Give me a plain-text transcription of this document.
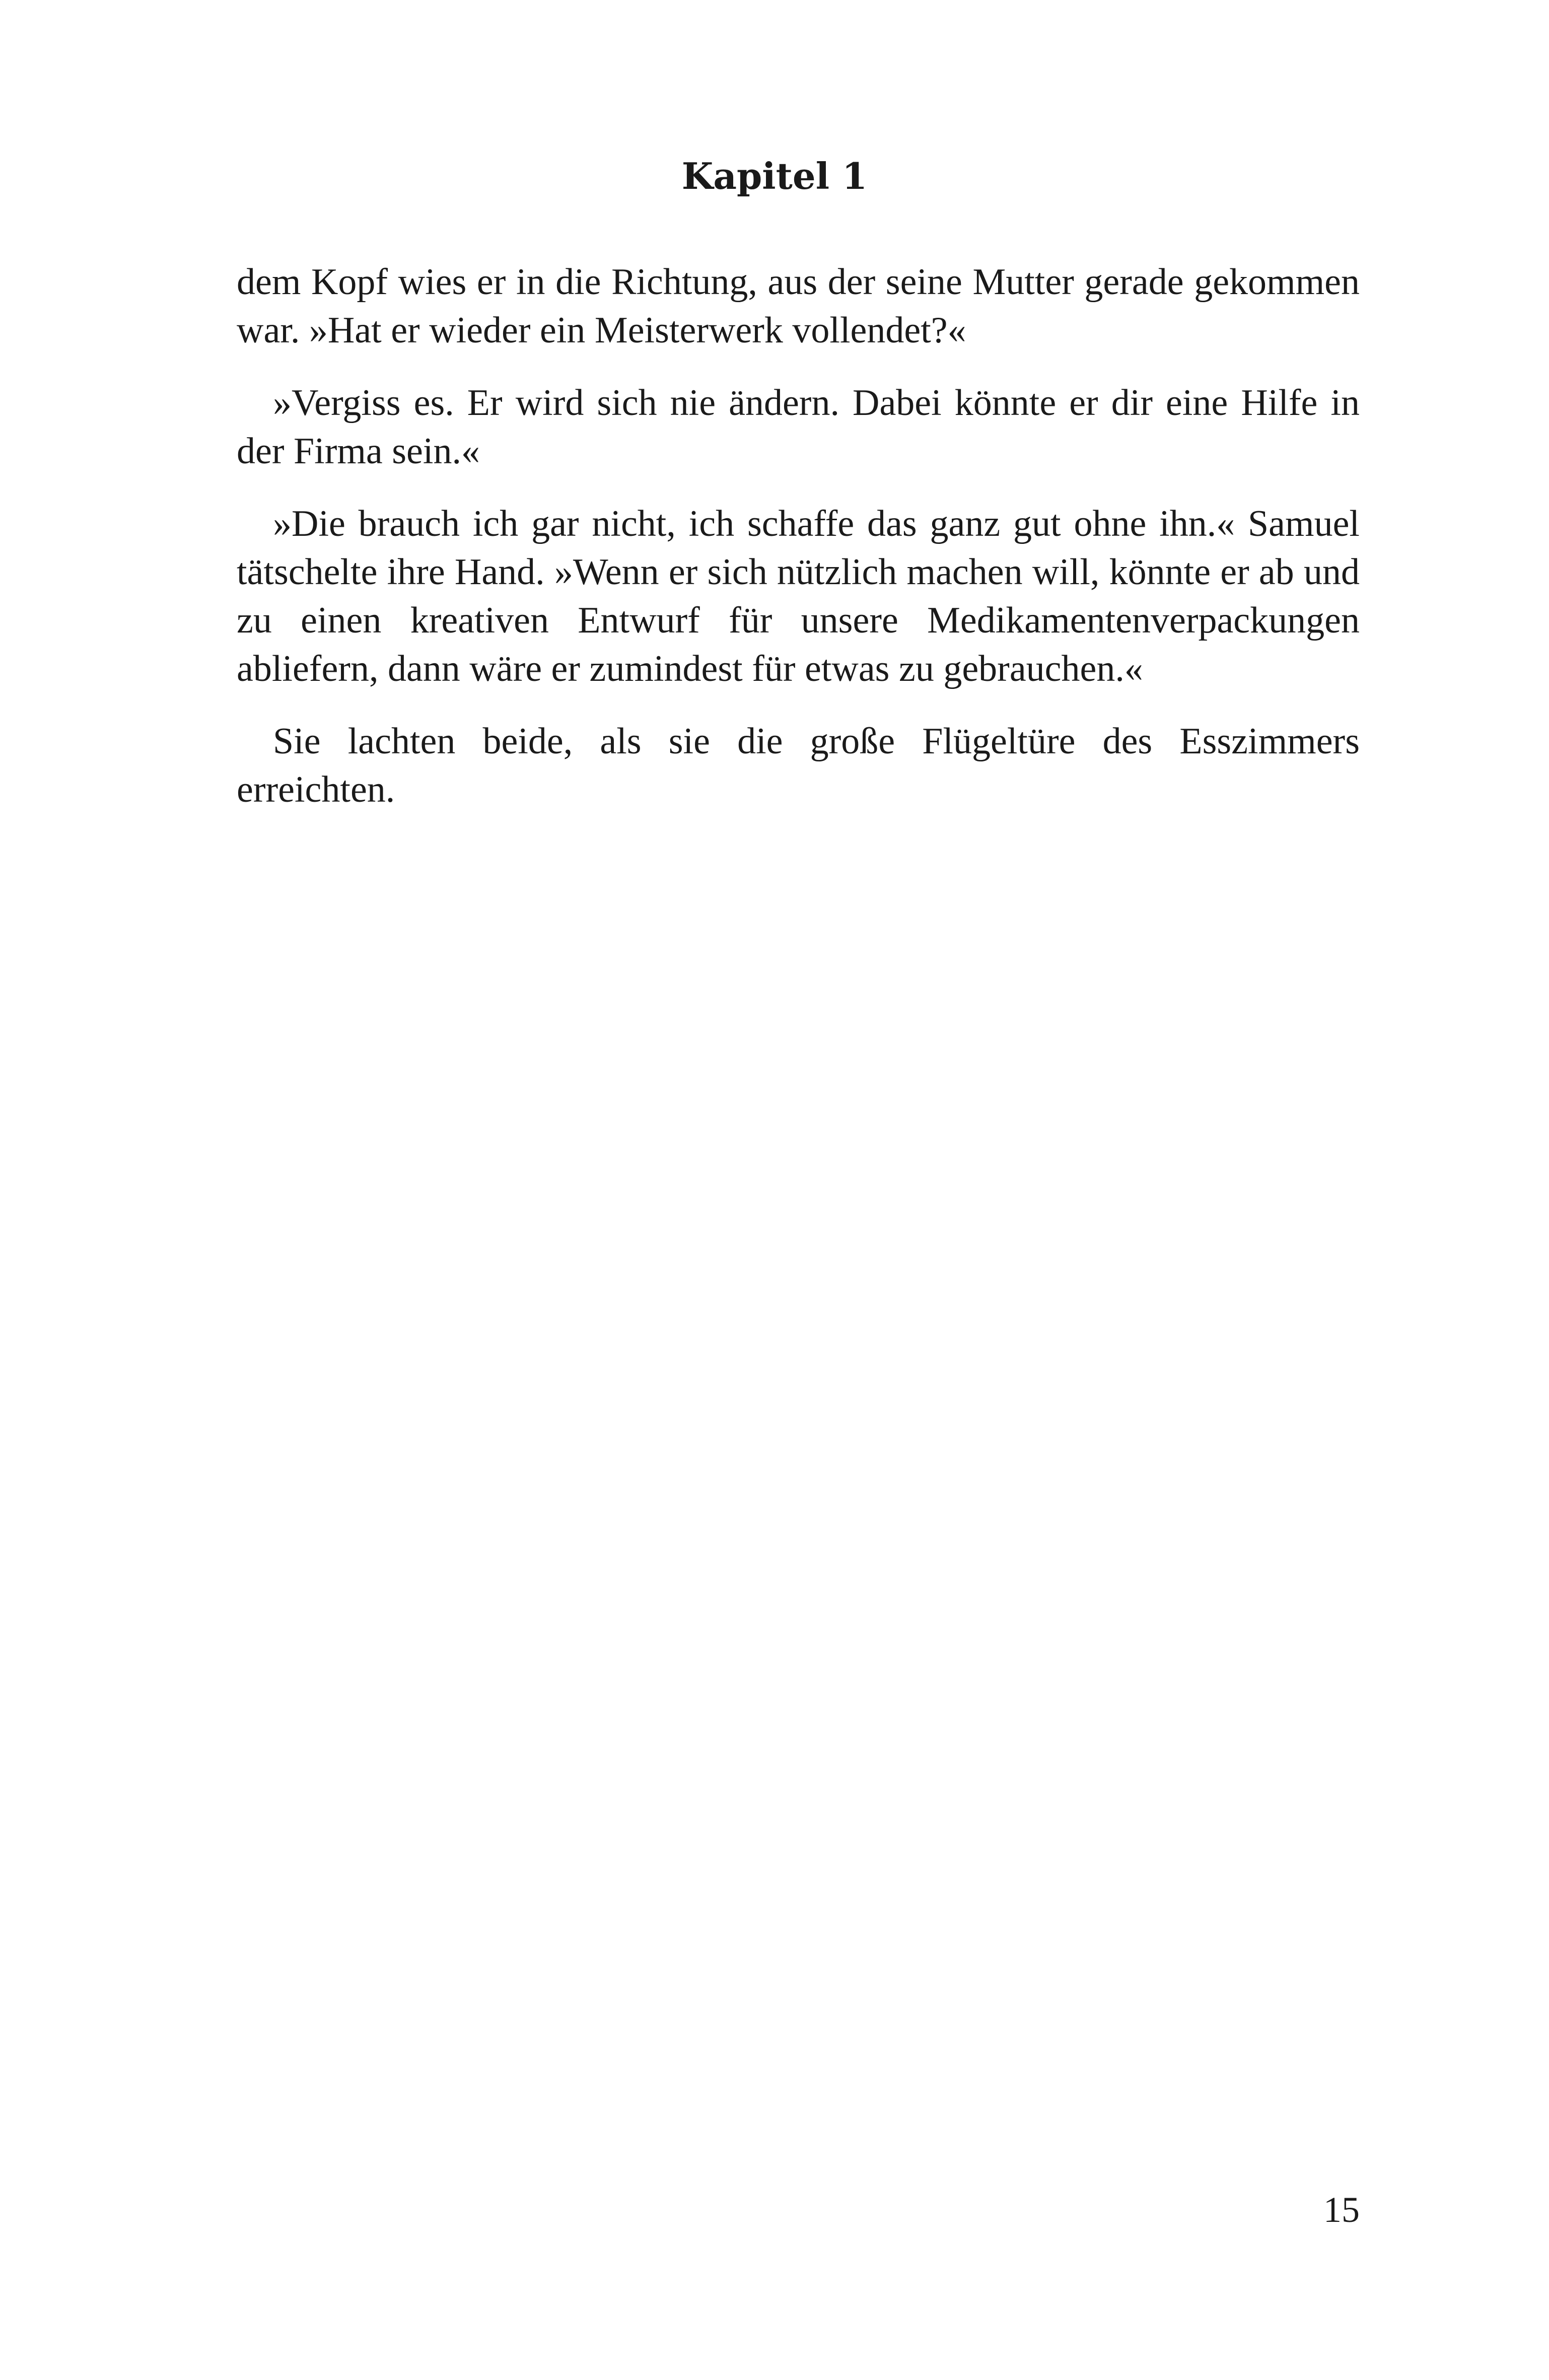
Kapitel 1

dem Kopf wies er in die Richtung, aus der seine Mutter gerade gekommen war. »Hat er wieder ein Meisterwerk vollendet?«

»Vergiss es. Er wird sich nie ändern. Dabei könnte er dir eine Hilfe in der Firma sein.«

»Die brauch ich gar nicht, ich schaffe das ganz gut ohne ihn.« Samuel tätschelte ihre Hand. »Wenn er sich nützlich machen will, könnte er ab und zu einen kreativen Entwurf für unsere Medikamentenverpackungen abliefern, dann wäre er zumindest für etwas zu gebrauchen.«

Sie lachten beide, als sie die große Flügeltüre des Esszimmers erreichten.

15
